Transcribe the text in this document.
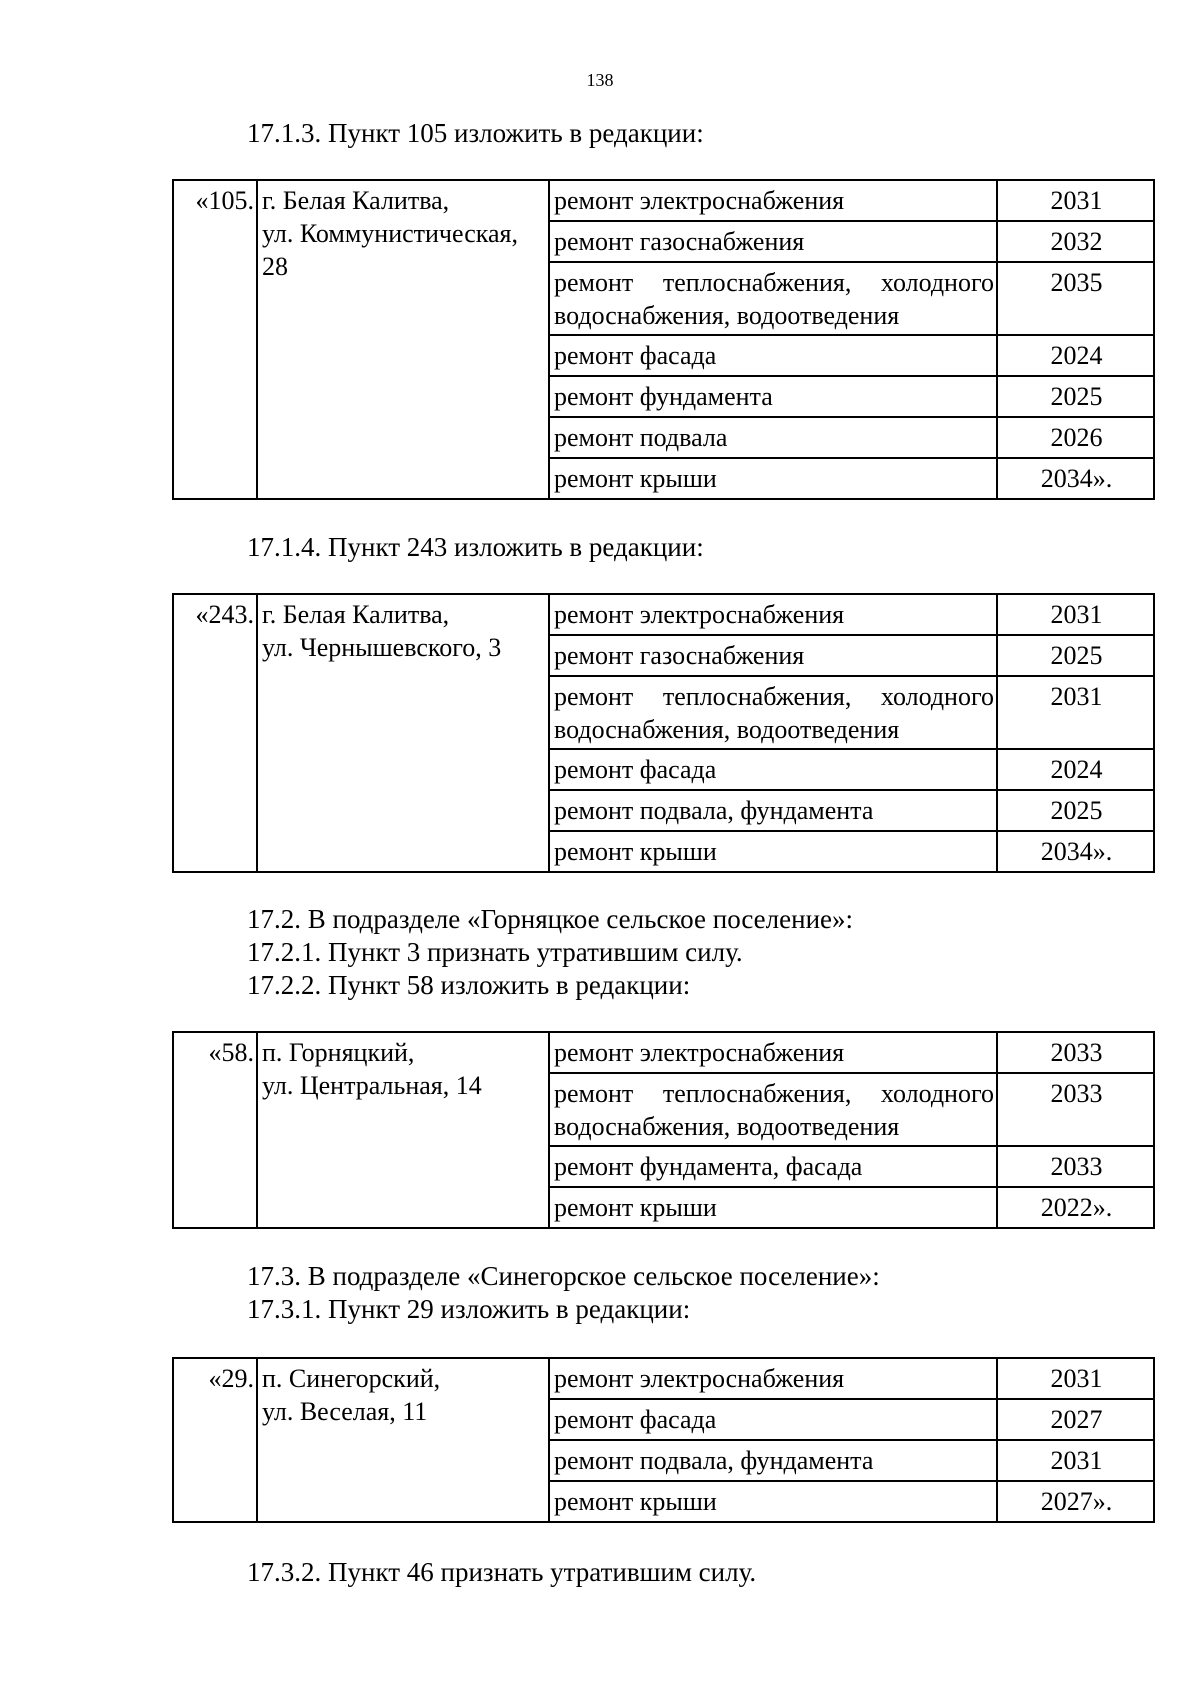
138
17.1.3. Пункт 105 изложить в редакции:
«105.	г. Белая Калитва,
ул. Коммунистическая,
28	ремонт электроснабжения	2031
		ремонт газоснабжения	2032
		ремонт теплоснабжения, холодного водоснабжения, водоотведения	2035
		ремонт фасада	2024
		ремонт фундамента	2025
		ремонт подвала	2026
		ремонт крыши	2034».
17.1.4. Пункт 243 изложить в редакции:
«243.	г. Белая Калитва,
ул. Чернышевского, 3	ремонт электроснабжения	2031
		ремонт газоснабжения	2025
		ремонт теплоснабжения, холодного водоснабжения, водоотведения	2031
		ремонт фасада	2024
		ремонт подвала, фундамента	2025
		ремонт крыши	2034».
17.2. В подразделе «Горняцкое сельское поселение»:
17.2.1. Пункт 3 признать утратившим силу.
17.2.2. Пункт 58 изложить в редакции:
«58.	п. Горняцкий,
ул. Центральная, 14	ремонт электроснабжения	2033
		ремонт теплоснабжения, холодного водоснабжения, водоотведения	2033
		ремонт фундамента, фасада	2033
		ремонт крыши	2022».
17.3. В подразделе «Синегорское сельское поселение»:
17.3.1. Пункт 29 изложить в редакции:
«29.	п. Синегорский,
ул. Веселая, 11	ремонт электроснабжения	2031
		ремонт фасада	2027
		ремонт подвала, фундамента	2031
		ремонт крыши	2027».
17.3.2. Пункт 46 признать утратившим силу.
